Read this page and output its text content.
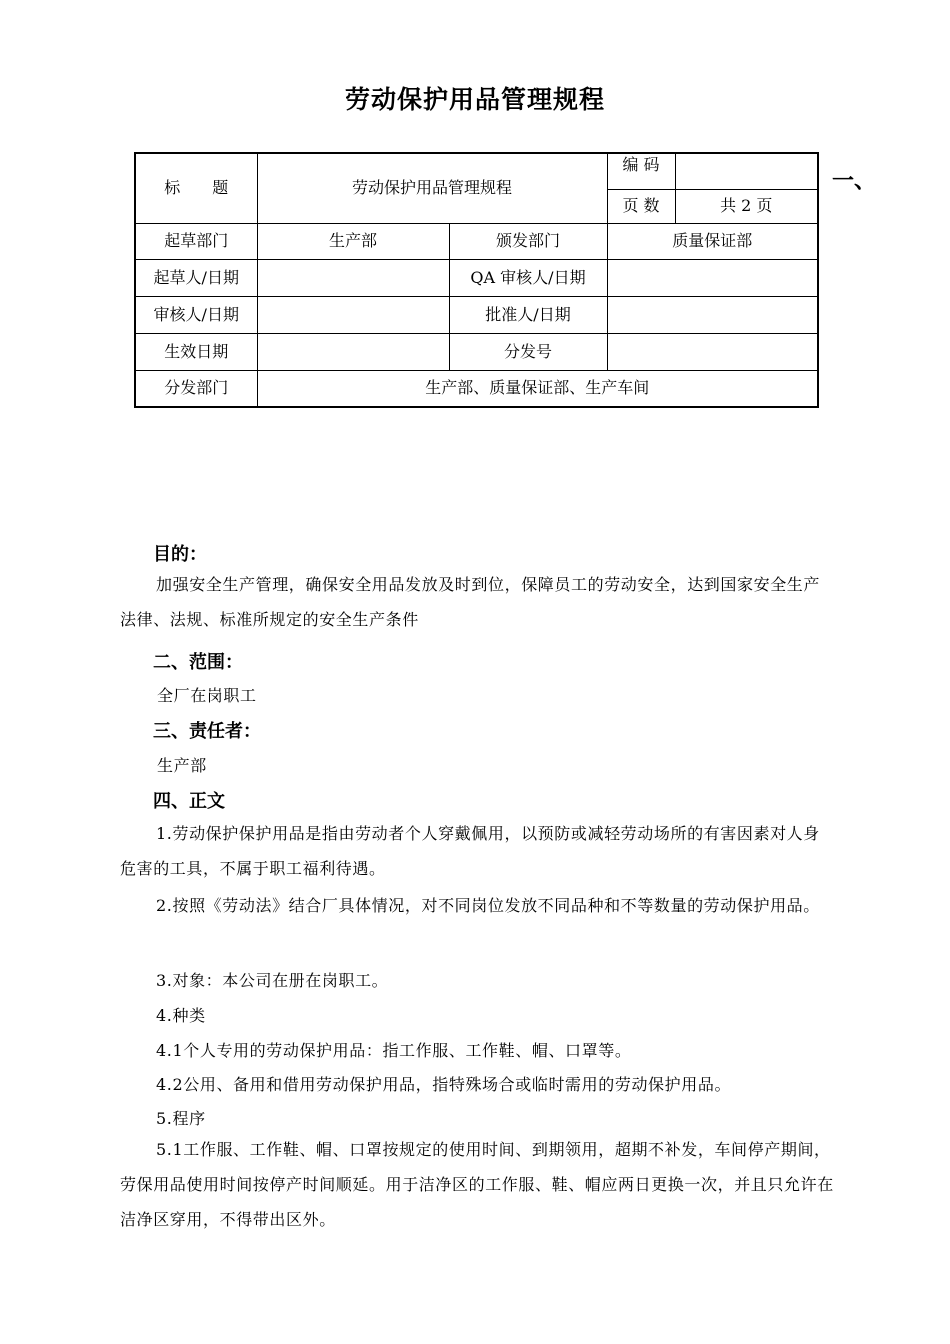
劳动保护用品管理规程
标　　题	劳动保护用品管理规程		编 码	
			页 数	共 2 页
起草部门	生产部	颁发部门	质量保证部	
起草人/日期		QA 审核人/日期		
审核人/日期		批准人/日期		
生效日期		分发号		
分发部门	生产部、质量保证部、生产车间			
一、
目的：
加强安全生产管理，确保安全用品发放及时到位，保障员工的劳动安全，达到国家安全生产法律、法规、标准所规定的安全生产条件
二、范围：
全厂在岗职工
三、责任者：
生产部
四、正文
1.劳动保护保护用品是指由劳动者个人穿戴佩用，以预防或减轻劳动场所的有害因素对人身危害的工具，不属于职工福利待遇。
2.按照《劳动法》结合厂具体情况，对不同岗位发放不同品种和不等数量的劳动保护用品。
3.对象：本公司在册在岗职工。
4.种类
4.1个人专用的劳动保护用品：指工作服、工作鞋、帽、口罩等。
4.2公用、备用和借用劳动保护用品，指特殊场合或临时需用的劳动保护用品。
5.程序
5.1工作服、工作鞋、帽、口罩按规定的使用时间、到期领用，超期不补发，车间停产期间，劳保用品使用时间按停产时间顺延。用于洁净区的工作服、鞋、帽应两日更换一次，并且只允许在洁净区穿用，不得带出区外。
